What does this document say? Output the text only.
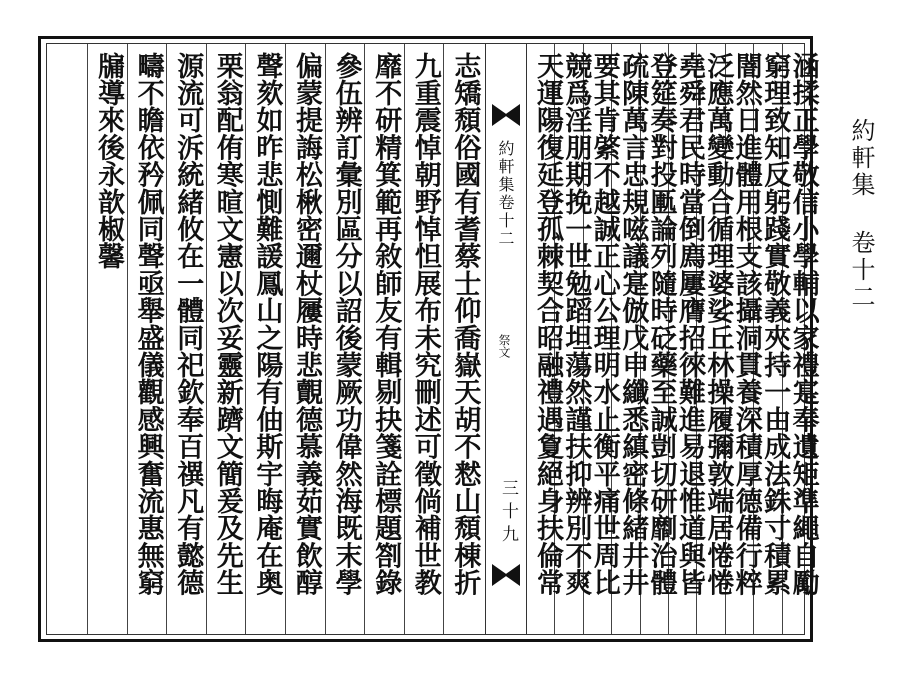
約軒集 卷十二
涵揉正學敬信小學輔以家禮寔奉遺矩準繩自勵
窮理致知反躬踐實敬義夾持一由成法銖寸積累
闇然日進體用根支該攝洞貫養深積厚德備行粹
泛應萬變動合循理婆娑丘林操履彌敦端居惓惓
堯舜君民時當倒廌屢膺招徠難進易退惟道與皆
登筵奏對投匭論列隨時砭藥至誠剴切研劘治體
疏陳萬言忠規嗞議寔倣戊申纖悉縝密條緒井井
要其肯綮不越誠正心公理明水止衡平痛世周比
競爲淫朋期挽一世勉蹈坦蕩然謹扶抑辨別不爽
天運陽復延登孤棘契合昭融禮遇夐絕身扶倫常
約軒集卷十二
祭文
三十九
志矯頹俗國有耆蔡士仰喬嶽天胡不慭山頹棟折
九重震悼朝野悼怛展布未究刪述可徵倘補世教
靡不研精箕範再敘師友有輯剔抉箋詮標題劄錄
參伍辨訂彙別區分以詔後蒙厥功偉然海既末學
偏蒙提誨松楸密邇杖屨時悲覿德慕義茹實飲醇
聲欬如昨悲惻難諼鳳山之陽有伷斯宇晦庵在奥
栗翁配侑寒暄文憲以次妥靈新躋文簡爰及先生
源流可泝統緒攸在一體同祀欽奉百禩凡有懿德
疇不瞻依矜佩同聲亟舉盛儀觀感興奮流惠無窮
牖導來後永歆椒馨
